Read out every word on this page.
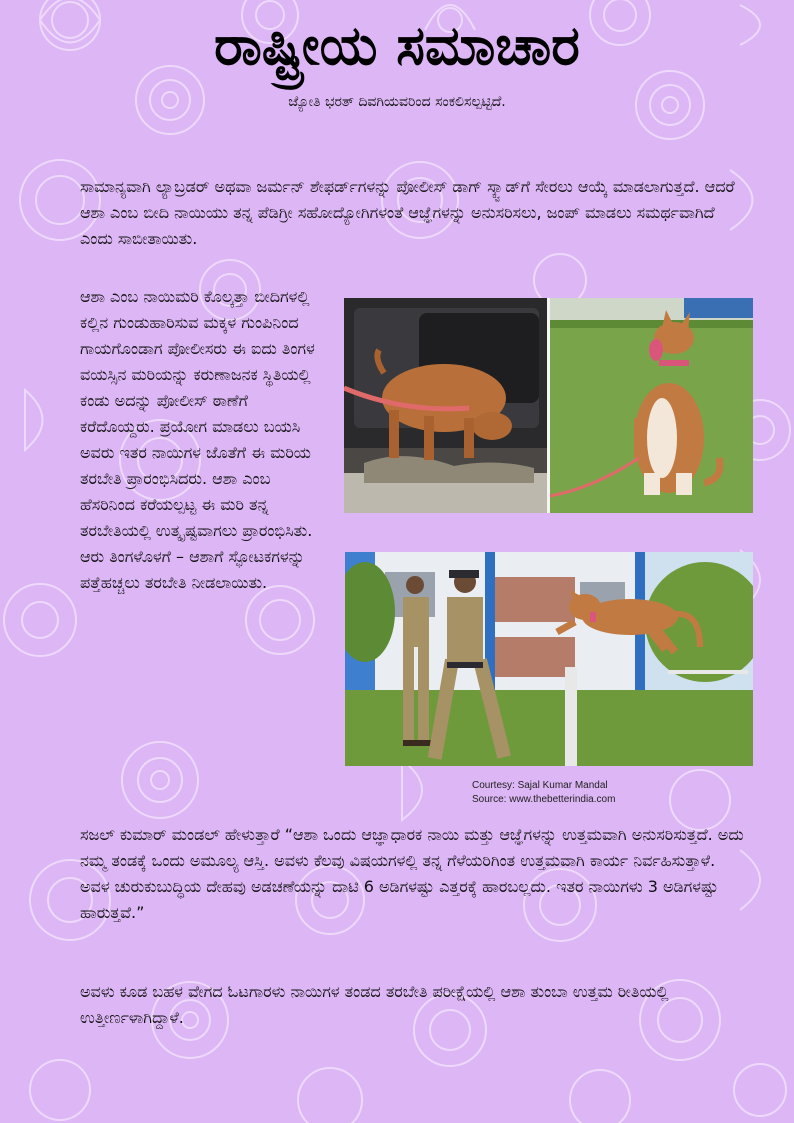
ರಾಷ್ಟ್ರೀಯ ಸಮಾಚಾರ
ಜ್ಯೋತಿ ಭರತ್ ದಿವಗಿಯವರಿಂದ ಸಂಕಲಿಸಲ್ಪಟ್ಟಿದೆ.

ಸಾಮಾನ್ಯವಾಗಿ ಲ್ಯಾಬ್ರಡರ್ ಅಥವಾ ಜರ್ಮನ್ ಶೇಫರ್ಡ್‌ಗಳನ್ನು ಪೋಲೀಸ್ ಡಾಗ್ ಸ್ಕ್ವಾಡ್‌ಗೆ ಸೇರಲು ಆಯ್ಕೆ ಮಾಡಲಾಗುತ್ತದೆ. ಆದರೆ ಆಶಾ ಎಂಬ ಬೀದಿ ನಾಯಿಯು ತನ್ನ ಪೆಡಿಗ್ರೀ ಸಹೋದ್ಯೋಗಿಗಳಂತೆ ಆಜ್ಞೆಗಳನ್ನು ಅನುಸರಿಸಲು, ಜಂಪ್ ಮಾಡಲು ಸಮರ್ಥವಾಗಿದೆ ಎಂದು ಸಾಬೀತಾಯಿತು.

ಆಶಾ ಎಂಬ ನಾಯಿಮರಿ ಕೊಲ್ಕತ್ತಾ ಬೀದಿಗಳಲ್ಲಿ ಕಲ್ಲಿನ ಗುಂಡುಹಾರಿಸುವ ಮಕ್ಕಳ ಗುಂಪಿನಿಂದ ಗಾಯಗೊಂಡಾಗ ಪೋಲೀಸರು ಈ ಐದು ತಿಂಗಳ ವಯಸ್ಸಿನ ಮರಿಯನ್ನು ಕರುಣಾಜನಕ ಸ್ಥಿತಿಯಲ್ಲಿ ಕಂಡು ಅದನ್ನು ಪೋಲೀಸ್ ಠಾಣೆಗೆ ಕರೆದೊಯ್ದರು. ಪ್ರಯೋಗ ಮಾಡಲು ಬಯಸಿ ಅವರು ಇತರ ನಾಯಿಗಳ ಜೊತೆಗೆ ಈ ಮರಿಯ ತರಬೇತಿ ಪ್ರಾರಂಭಿಸಿದರು. ಆಶಾ ಎಂಬ ಹೆಸರಿನಿಂದ ಕರೆಯಲ್ಪಟ್ಟ ಈ ಮರಿ ತನ್ನ ತರಬೇತಿಯಲ್ಲಿ ಉತ್ಕೃಷ್ಟವಾಗಲು ಪ್ರಾರಂಭಿಸಿತು. ಆರು ತಿಂಗಳೊಳಗೆ – ಆಶಾಗೆ ಸ್ಫೋಟಕಗಳನ್ನು ಪತ್ತೆಹಚ್ಚಲು ತರಬೇತಿ ನೀಡಲಾಯಿತು.

Courtesy: Sajal Kumar Mandal
Source: www.thebetterindia.com

ಸಜಲ್ ಕುಮಾರ್ ಮಂಡಲ್ ಹೇಳುತ್ತಾರೆ “ಆಶಾ ಒಂದು ಆಜ್ಞಾಧಾರಕ ನಾಯಿ ಮತ್ತು ಆಜ್ಞೆಗಳನ್ನು ಉತ್ತಮವಾಗಿ ಅನುಸರಿಸುತ್ತದೆ. ಅದು ನಮ್ಮ ತಂಡಕ್ಕೆ ಒಂದು ಅಮೂಲ್ಯ ಆಸ್ತಿ. ಅವಳು ಕೆಲವು ವಿಷಯಗಳಲ್ಲಿ ತನ್ನ ಗೆಳೆಯರಿಗಿಂತ ಉತ್ತಮವಾಗಿ ಕಾರ್ಯ ನಿರ್ವಹಿಸುತ್ತಾಳೆ. ಅವಳ ಚುರುಕುಬುದ್ಧಿಯ ದೇಹವು ಅಡಚಣೆಯನ್ನು ದಾಟಿ 6 ಅಡಿಗಳಷ್ಟು ಎತ್ತರಕ್ಕೆ ಹಾರಬಲ್ಲದು. ಇತರ ನಾಯಿಗಳು 3 ಅಡಿಗಳಷ್ಟು ಹಾರುತ್ತವೆ.”

ಅವಳು ಕೂಡ ಬಹಳ ವೇಗದ ಓಟಗಾರಳು ನಾಯಿಗಳ ತಂಡದ ತರಬೇತಿ ಪರೀಕ್ಷೆಯಲ್ಲಿ ಆಶಾ ತುಂಬಾ ಉತ್ತಮ ರೀತಿಯಲ್ಲಿ ಉತ್ತೀರ್ಣಳಾಗಿದ್ದಾಳೆ.
